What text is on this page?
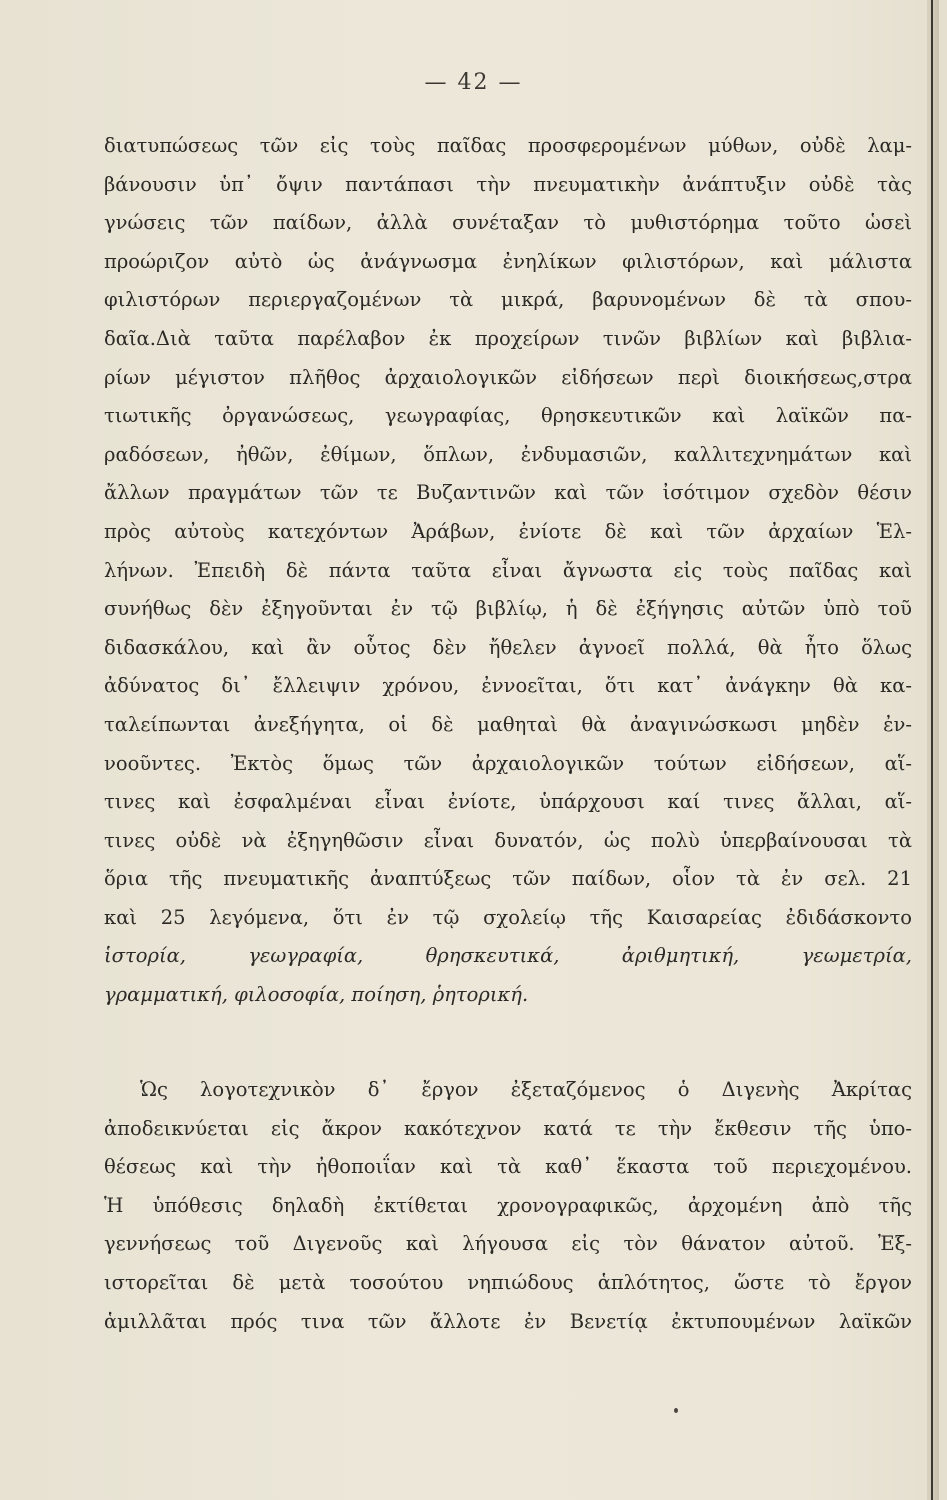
— 42 —
διατυπώσεως τῶν εἰς τοὺς παῖδας προσφερομένων μύθων, οὐδὲ λαμ-
βάνουσιν ὑπ᾿ ὄψιν παντάπασι τὴν πνευματικὴν ἀνάπτυξιν οὐδὲ τὰς
γνώσεις τῶν παίδων, ἀλλὰ συνέταξαν τὸ μυθιστόρημα τοῦτο ὡσεὶ
πρoώριζον αὐτὸ ὡς ἀνάγνωσμα ἐνηλίκων φιλιστόρων, καὶ μάλιστα
φιλιστόρων περιεργαζομένων τὰ μικρά, βαρυνομένων δὲ τὰ σπου-
δαῖα.Διὰ ταῦτα παρέλαβον ἐκ προχείρων τινῶν βιβλίων καὶ βιβλια-
ρίων μέγιστον πλῆθος ἀρχαιολογικῶν εἰδήσεων περὶ διοικήσεως,στρα
τιωτικῆς ὀργανώσεως, γεωγραφίας, θρησκευτικῶν καὶ λαϊκῶν πα-
ραδόσεων, ἠθῶν, ἐθίμων, ὅπλων, ἐνδυμασιῶν, καλλιτεχνημάτων καὶ
ἄλλων πραγμάτων τῶν τε Βυζαντινῶν καὶ τῶν ἰσότιμον σχεδὸν θέσιν
πρὸς αὐτοὺς κατεχόντων Ἀράβων, ἐνίοτε δὲ καὶ τῶν ἀρχαίων Ἑλ-
λήνων. Ἐπειδὴ δὲ πάντα ταῦτα εἶναι ἄγνωστα εἰς τοὺς παῖδας καὶ
συνήθως δὲν ἐξηγοῦνται ἐν τῷ βιβλίῳ, ἡ δὲ ἐξήγησις αὐτῶν ὑπὸ τοῦ
διδασκάλου, καὶ ἂν οὗτος δὲν ἤθελεν ἀγνοεῖ πολλά, θὰ ἦτο ὅλως
ἀδύνατος δι᾿ ἔλλειψιν χρόνου, ἐννοεῖται, ὅτι κατ᾿ ἀνάγκην θὰ κα-
ταλείπωνται ἀνεξήγητα, οἱ δὲ μαθηταὶ θὰ ἀναγινώσκωσι μηδὲν ἐν-
νοοῦντες. Ἐκτὸς ὅμως τῶν ἀρχαιολογικῶν τούτων εἰδήσεων, αἵ-
τινες καὶ ἐσφαλμέναι εἶναι ἐνίοτε, ὑπάρχουσι καί τινες ἄλλαι, αἵ-
τινες οὐδὲ νὰ ἐξηγηθῶσιν εἶναι δυνατόν, ὡς πολὺ ὑπερβαίνουσαι τὰ
ὅρια τῆς πνευματικῆς ἀναπτύξεως τῶν παίδων, οἷον τὰ ἐν σελ. 21
καὶ 25 λεγόμενα, ὅτι ἐν τῷ σχολείῳ τῆς Καισαρείας ἐδιδάσκοντο
ἱστορία, γεωγραφία, θρησκευτικά, ἀριθμητική, γεωμετρία,
γραμματική, φιλοσοφία, ποίηση, ῥητορική.
Ὡς λογοτεχνικὸν δ᾿ ἔργον ἐξεταζόμενος ὁ Διγενὴς Ἀκρίτας
ἀποδεικνύεται εἰς ἄκρον κακότεχνον κατά τε τὴν ἔκθεσιν τῆς ὑπο-
θέσεως καὶ τὴν ἠθοποιΐαν καὶ τὰ καθ᾿ ἕκαστα τοῦ περιεχομένου.
Ἡ ὑπόθεσις δηλαδὴ ἐκτίθεται χρονογραφικῶς, ἀρχομένη ἀπὸ τῆς
γεννήσεως τοῦ Διγενοῦς καὶ λήγουσα εἰς τὸν θάνατον αὐτοῦ. Ἐξ-
ιστορεῖται δὲ μετὰ τοσούτου νηπιώδους ἁπλότητος, ὥστε τὸ ἔργον
ἁμιλλᾶται πρός τινα τῶν ἄλλοτε ἐν Βενετίᾳ ἐκτυπουμένων λαϊκῶν
